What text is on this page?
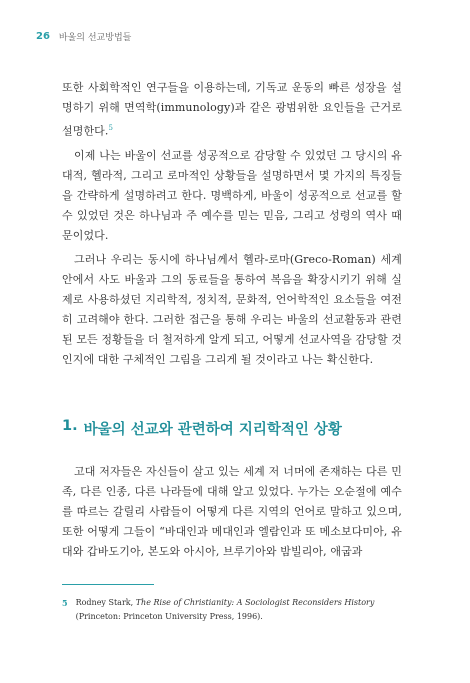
26 바울의 선교방법들

또한 사회학적인 연구들을 이용하는데, 기독교 운동의 빠른 성장을 설명하기 위해 면역학(immunology)과 같은 광범위한 요인들을 근거로 설명한다.$^5$

이제 나는 바울이 선교를 성공적으로 감당할 수 있었던 그 당시의 유대적, 헬라적, 그리고 로마적인 상황들을 설명하면서 몇 가지의 특징들을 간략하게 설명하려고 한다. 명백하게, 바울이 성공적으로 선교를 할 수 있었던 것은 하나님과 주 예수를 믿는 믿음, 그리고 성령의 역사 때문이었다.

그러나 우리는 동시에 하나님께서 헬라-로마(Greco-Roman) 세계 안에서 사도 바울과 그의 동료들을 통하여 복음을 확장시키기 위해 실제로 사용하셨던 지리학적, 정치적, 문화적, 언어학적인 요소들을 여전히 고려해야 한다. 그러한 접근을 통해 우리는 바울의 선교활동과 관련된 모든 정황들을 더 철저하게 알게 되고, 어떻게 선교사역을 감당할 것인지에 대한 구체적인 그림을 그리게 될 것이라고 나는 확신한다.

1. 바울의 선교와 관련하여 지리학적인 상황

고대 저자들은 자신들이 살고 있는 세계 저 너머에 존재하는 다른 민족, 다른 인종, 다른 나라들에 대해 알고 있었다. 누가는 오순절에 예수를 따르는 갈릴리 사람들이 어떻게 다른 지역의 언어로 말하고 있으며, 또한 어떻게 그들이 “바대인과 메대인과 엘람인과 또 메소보다미아, 유대와 갑바도기아, 본도와 아시아, 브루기아와 밤빌리아, 애굽과

5 Rodney Stark, The Rise of Christianity: A Sociologist Reconsiders History (Princeton: Princeton University Press, 1996).
